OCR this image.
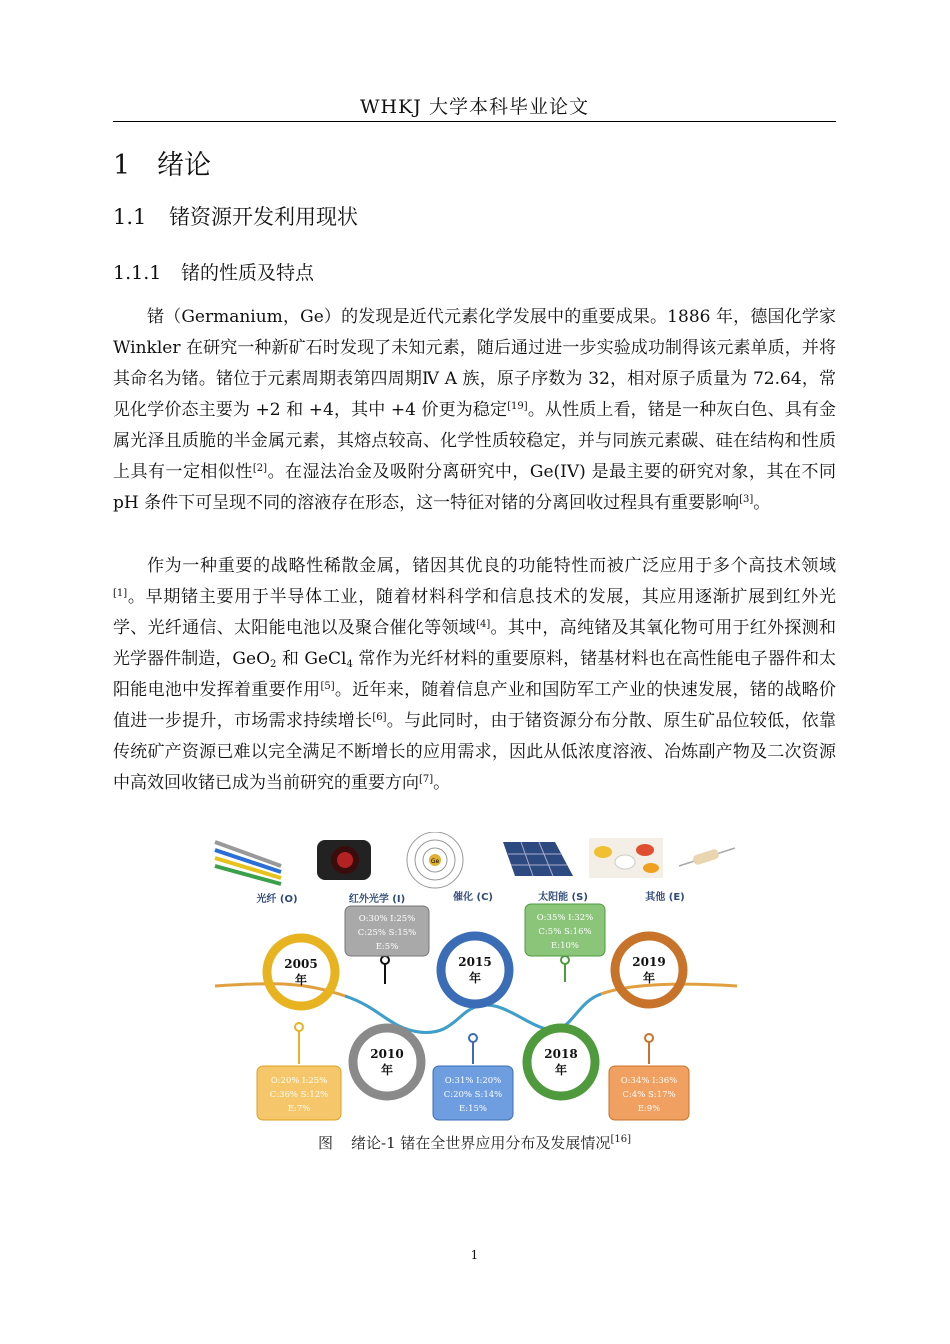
WHKJ 大学本科毕业论文
1 绪论
1.1 锗资源开发利用现状
1.1.1 锗的性质及特点
锗（Germanium，Ge）的发现是近代元素化学发展中的重要成果。1886 年，德国化学家 Winkler 在研究一种新矿石时发现了未知元素，随后通过进一步实验成功制得该元素单质，并将其命名为锗。锗位于元素周期表第四周期Ⅳ A 族，原子序数为 32，相对原子质量为 72.64，常见化学价态主要为 +2 和 +4，其中 +4 价更为稳定[19]。从性质上看，锗是一种灰白色、具有金属光泽且质脆的半金属元素，其熔点较高、化学性质较稳定，并与同族元素碳、硅在结构和性质上具有一定相似性[2]。在湿法冶金及吸附分离研究中，Ge(IV) 是最主要的研究对象，其在不同 pH 条件下可呈现不同的溶液存在形态，这一特征对锗的分离回收过程具有重要影响[3]。
作为一种重要的战略性稀散金属，锗因其优良的功能特性而被广泛应用于多个高技术领域[1]。早期锗主要用于半导体工业，随着材料科学和信息技术的发展，其应用逐渐扩展到红外光学、光纤通信、太阳能电池以及聚合催化等领域[4]。其中，高纯锗及其氧化物可用于红外探测和光学器件制造，GeO$_2$ 和 GeCl$_4$ 常作为光纤材料的重要原料，锗基材料也在高性能电子器件和太阳能电池中发挥着重要作用[5]。近年来，随着信息产业和国防军工产业的快速发展，锗的战略价值进一步提升，市场需求持续增长[6]。与此同时，由于锗资源分布分散、原生矿品位较低，依靠传统矿产资源已难以完全满足不断增长的应用需求，因此从低浓度溶液、冶炼副产物及二次资源中高效回收锗已成为当前研究的重要方向[7]。
Ge
光纤 (O)	红外光学 (I)	催化 (C)	太阳能 (S)	其他 (E)
2005
年
2010
年
2015
年
2018
年
2019
年
O:30% I:25%
C:25% S:15%
E:5%
O:35% I:32%
C:5% S:16%
E:10%
O:20% I:25%
C:36% S:12%
E:7%
O:31% I:20%
C:20% S:14%
E:15%
O:34% I:36%
C:4% S:17%
E:9%
图 绪论-1 锗在全世界应用分布及发展情况[16]
1
